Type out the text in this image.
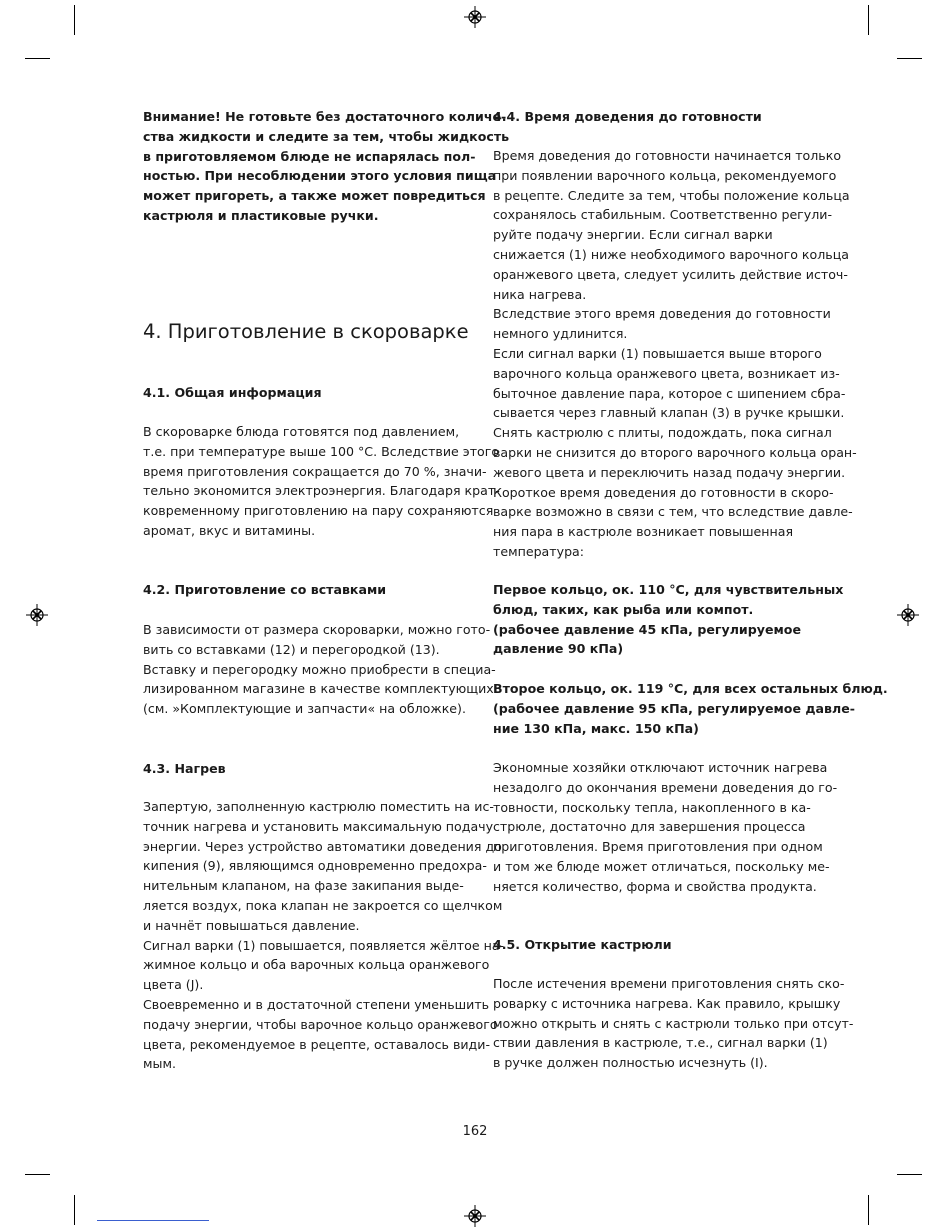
Внимание! Не готовьте без достаточного количе-
ства жидкости и следите за тем, чтобы жидкость
в приготовляемом блюде не испарялась пол-
ностью. При несоблюдении этого условия пища
может пригореть, а также может повредиться
кастрюля и пластиковые ручки.
4. Приготовление в скороварке
4.1. Общая информация
В скороварке блюда готовятся под давлением,
т.е. при температуре выше 100 °С. Вследствие этого
время приготовления сокращается до 70 %, значи-
тельно экономится электроэнергия. Благодаря крат-
ковременному приготовлению на пару сохраняются
аромат, вкус и витамины.
4.2. Приготовление со вставками
В зависимости от размера скороварки, можно гото-
вить со вставками (12) и перегородкой (13).
Вставку и перегородку можно приобрести в специа-
лизированном магазине в качестве комплектующих
(см. »Комплектующие и запчасти« на обложке).
4.3. Нагрев
Запертую, заполненную кастрюлю поместить на ис-
точник нагрева и установить максимальную подачу
энергии. Через устройство автоматики доведения до
кипения (9), являющимся одновременно предохра-
нительным клапаном, на фазе закипания выде-
ляется воздух, пока клапан не закроется со щелчком
и начнёт повышаться давление.
Сигнал варки (1) повышается, появляется жёлтое на-
жимное кольцо и оба варочных кольца оранжевого
цвета (J).
Своевременно и в достаточной степени уменьшить
подачу энергии, чтобы варочное кольцо оранжевого
цвета, рекомендуемое в рецепте, оставалось види-
мым.
4.4. Время доведения до готовности
Время доведения до готовности начинается только
при появлении варочного кольца, рекомендуемого
в рецепте. Следите за тем, чтобы положение кольца
сохранялось стабильным. Соответственно регули-
руйте подачу энергии. Если сигнал варки
снижается (1) ниже необходимого варочного кольца
оранжевого цвета, следует усилить действие источ-
ника нагрева.
Вследствие этого время доведения до готовности
немного удлинится.
Если сигнал варки (1) повышается выше второго
варочного кольца оранжевого цвета, возникает из-
быточное давление пара, которое с шипением сбра-
сывается через главный клапан (3) в ручке крышки.
Снять кастрюлю с плиты, подождать, пока сигнал
варки не снизится до второго варочного кольца оран-
жевого цвета и переключить назад подачу энергии.
Короткое время доведения до готовности в скоро-
варке возможно в связи с тем, что вследствие давле-
ния пара в кастрюле возникает повышенная
температура:
Первое кольцо, ок. 110 °С, для чувствительных
блюд, таких, как рыба или компот.
(рабочее давление 45 кПа, регулируемое
давление 90 кПа)
Второе кольцо, ок. 119 °С, для всех остальных блюд.
(рабочее давление 95 кПа, регулируемое давле-
ние 130 кПа, макс. 150 кПа)
Экономные хозяйки отключают источник нагрева
незадолго до окончания времени доведения до го-
товности, поскольку тепла, накопленного в ка-
стрюле, достаточно для завершения процесса
приготовления. Время приготовления при одном
и том же блюде может отличаться, поскольку ме-
няется количество, форма и свойства продукта.
4.5. Открытие кастрюли
После истечения времени приготовления снять ско-
роварку с источника нагрева. Как правило, крышку
можно открыть и снять с кастрюли только при отсут-
ствии давления в кастрюле, т.е., сигнал варки (1)
в ручке должен полностью исчезнуть (I).
162
